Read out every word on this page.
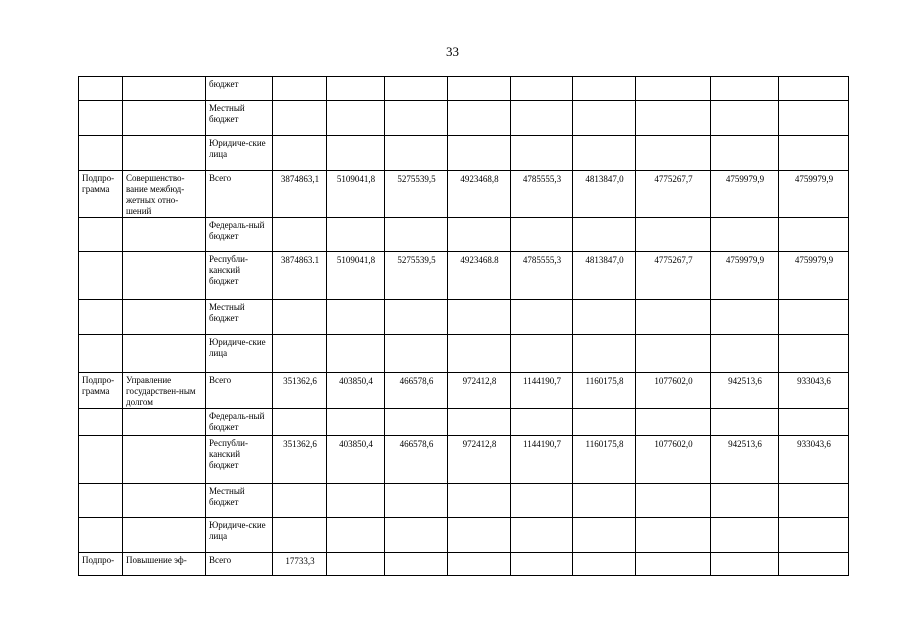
33
		бюджет									
		Местный бюджет									
		Юридиче-ские лица									
Подпро-грамма	Совершенство-вание межбюд-жетных отно-шений	Всего	3874863,1	5109041,8	5275539,5	4923468,8	4785555,3	4813847,0	4775267,7	4759979,9	4759979,9
		Федераль-ный бюджет									
		Республи-канский бюджет	3874863.1	5109041,8	5275539,5	4923468.8	4785555,3	4813847,0	4775267,7	4759979,9	4759979,9
		Местный бюджет									
		Юридиче-ские лица									
Подпро-грамма	Управление государствен-ным долгом	Всего	351362,6	403850,4	466578,6	972412,8	1144190,7	1160175,8	1077602,0	942513,6	933043,6
		Федераль-ный бюджет									
		Республи-канский бюджет	351362,6	403850,4	466578,6	972412,8	1144190,7	1160175,8	1077602,0	942513,6	933043,6
		Местный бюджет									
		Юридиче-ские лица									
Подпро-	Повышение эф-	Всего	17733,3								
